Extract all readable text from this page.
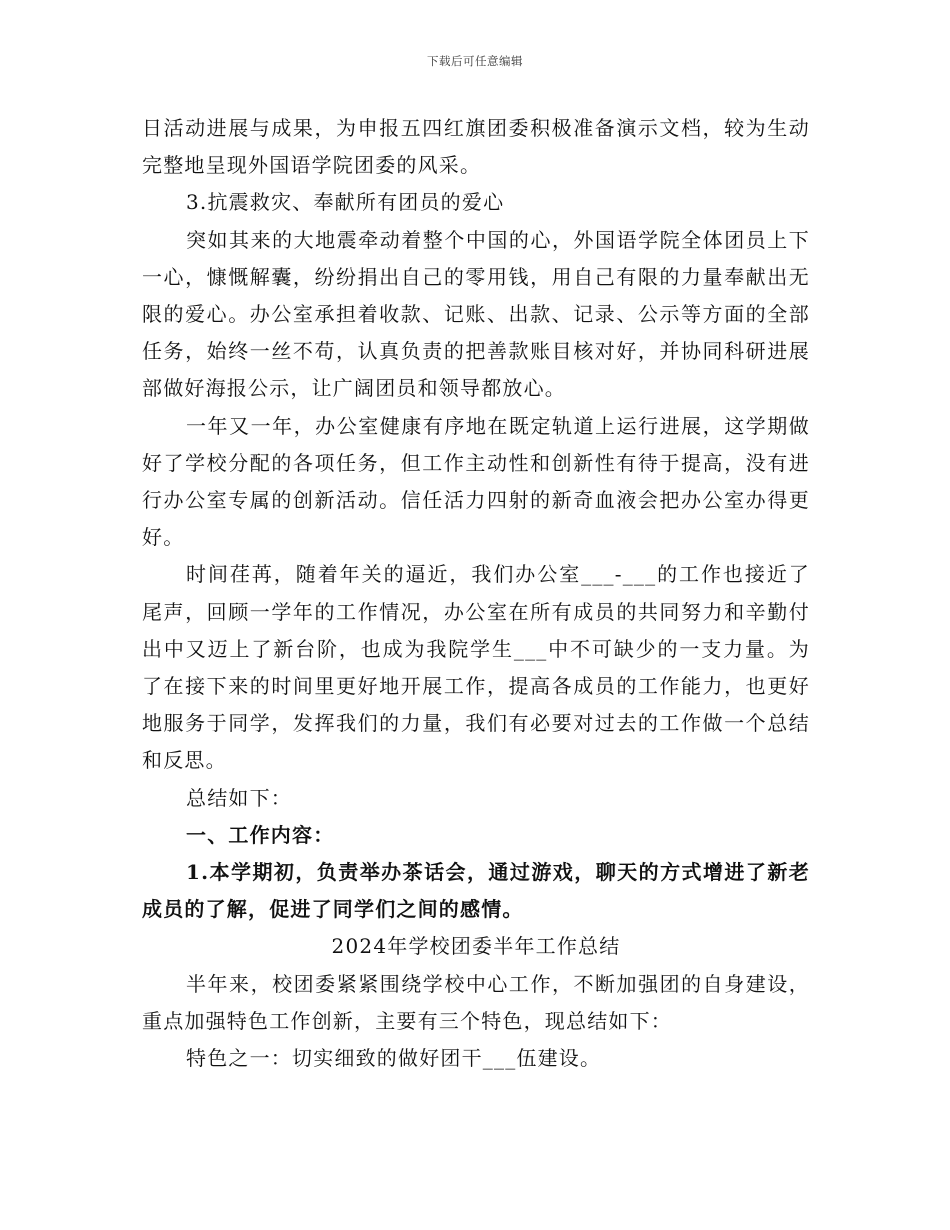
下载后可任意编辑

日活动进展与成果，为申报五四红旗团委积极准备演示文档，较为生动完整地呈现外国语学院团委的风采。

3.抗震救灾、奉献所有团员的爱心

突如其来的大地震牵动着整个中国的心，外国语学院全体团员上下一心，慷慨解囊，纷纷捐出自己的零用钱，用自己有限的力量奉献出无限的爱心。办公室承担着收款、记账、出款、记录、公示等方面的全部任务，始终一丝不苟，认真负责的把善款账目核对好，并协同科研进展部做好海报公示，让广阔团员和领导都放心。

一年又一年，办公室健康有序地在既定轨道上运行进展，这学期做好了学校分配的各项任务，但工作主动性和创新性有待于提高，没有进行办公室专属的创新活动。信任活力四射的新奇血液会把办公室办得更好。

时间荏苒，随着年关的逼近，我们办公室___-___的工作也接近了尾声，回顾一学年的工作情况，办公室在所有成员的共同努力和辛勤付出中又迈上了新台阶，也成为我院学生___中不可缺少的一支力量。为了在接下来的时间里更好地开展工作，提高各成员的工作能力，也更好地服务于同学，发挥我们的力量，我们有必要对过去的工作做一个总结和反思。

总结如下：

一、工作内容：

1.本学期初，负责举办茶话会，通过游戏，聊天的方式增进了新老成员的了解，促进了同学们之间的感情。

2024年学校团委半年工作总结

半年来，校团委紧紧围绕学校中心工作，不断加强团的自身建设，重点加强特色工作创新，主要有三个特色，现总结如下：

特色之一：切实细致的做好团干___伍建设。
